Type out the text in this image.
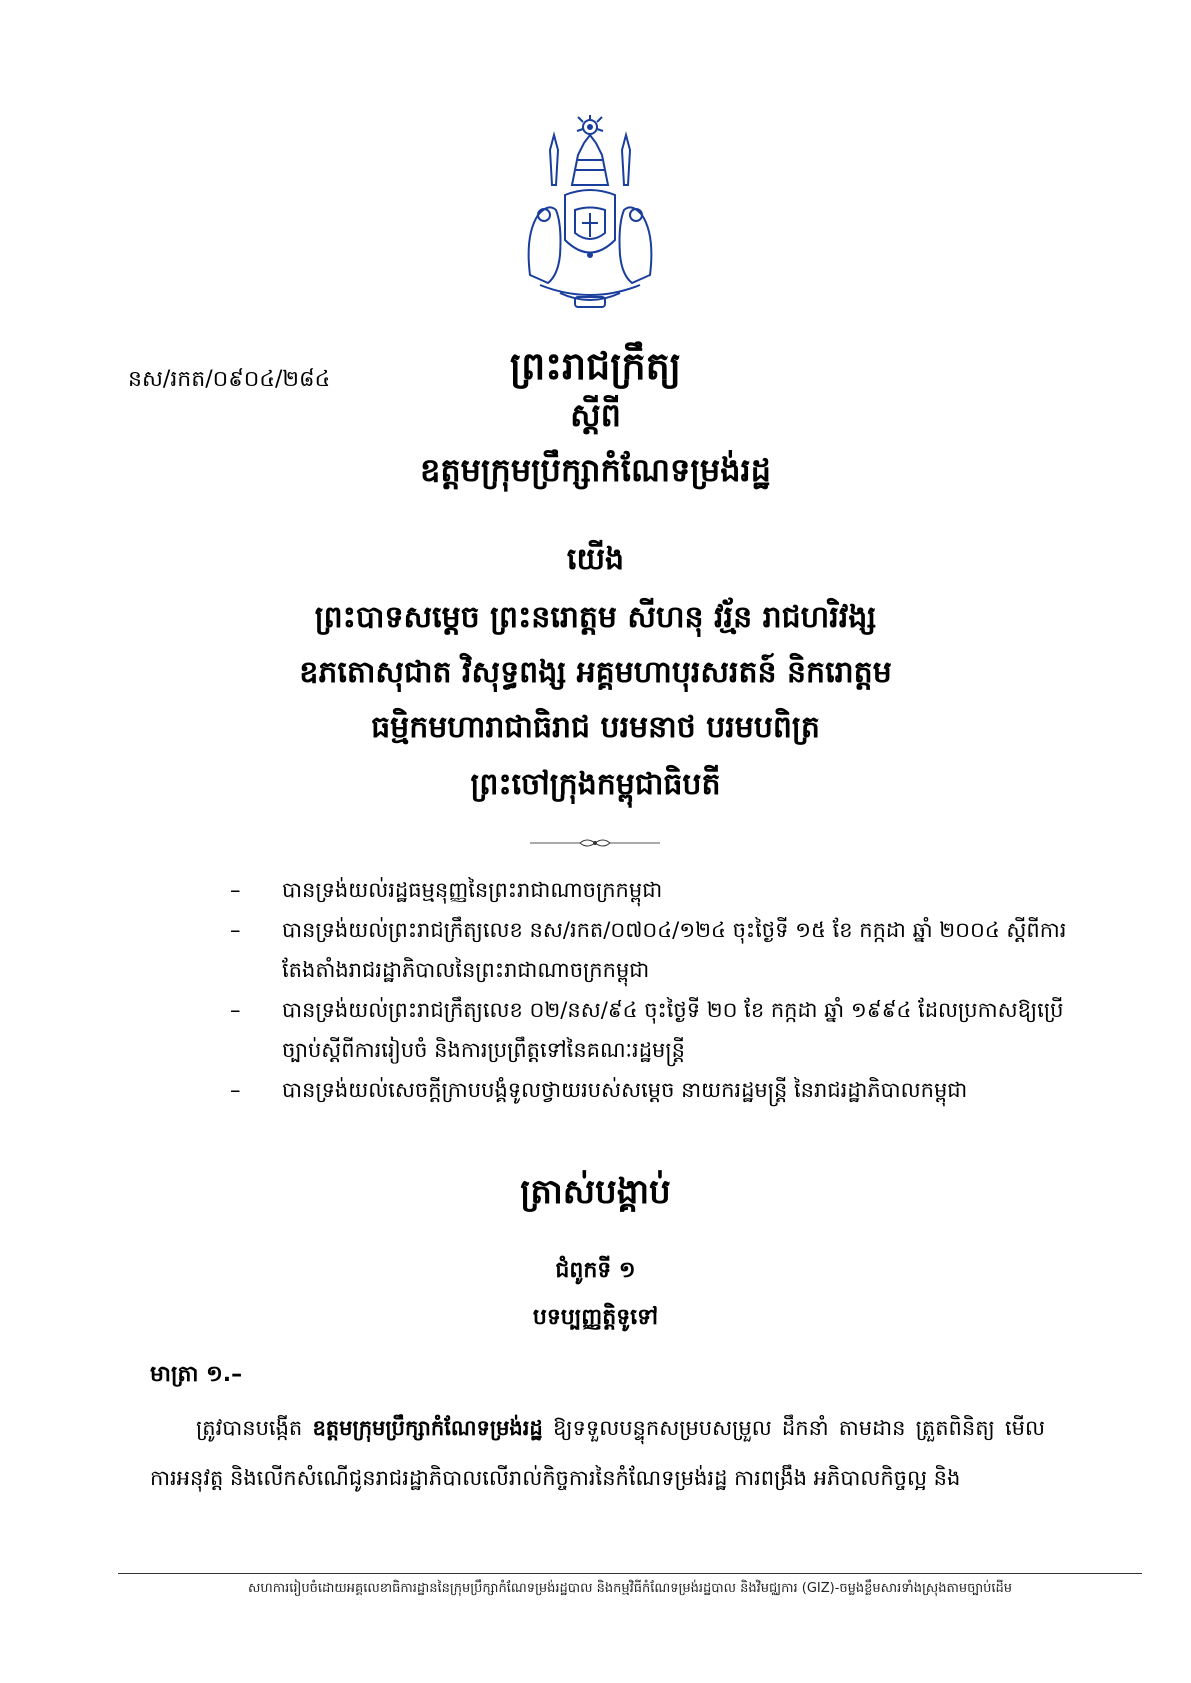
នស/រកត/០៩០៤/២៨៤	ព្រះរាជក្រឹត្យ
ស្ដីពី
ឧត្តមក្រុមប្រឹក្សាកំណែទម្រង់រដ្ឋ
យើង
ព្រះបាទសម្ដេច ព្រះនរោត្ដម សីហនុ វរ្ម័ន រាជហរិវង្ស
ឧភតោសុជាត វិសុទ្ធពង្ស អគ្គមហាបុរសរតន៍ និករោត្ដម
ធម្មិកមហារាជាធិរាជ បរមនាថ បរមបពិត្រ
ព្រះចៅក្រុងកម្ពុជាធិបតី
– បានទ្រង់យល់រដ្ឋធម្មនុញ្ញនៃព្រះរាជាណាចក្រកម្ពុជា
– បានទ្រង់យល់ព្រះរាជក្រឹត្យលេខ នស/រកត/០៧០៤/១២៤ ចុះថ្ងៃទី ១៥ ខែ កក្កដា ឆ្នាំ ២០០៤ ស្ដីពីការតែងតាំងរាជរដ្ឋាភិបាលនៃព្រះរាជាណាចក្រកម្ពុជា
– បានទ្រង់យល់ព្រះរាជក្រឹត្យលេខ ០២/នស/៩៤ ចុះថ្ងៃទី ២០ ខែ កក្កដា ឆ្នាំ ១៩៩៤ ដែលប្រកាសឱ្យប្រើច្បាប់ស្ដីពីការរៀបចំ និងការប្រព្រឹត្តទៅនៃគណៈរដ្ឋមន្ត្រី
– បានទ្រង់យល់សេចក្ដីក្រាបបង្គំទូលថ្វាយរបស់សម្ដេច នាយករដ្ឋមន្ត្រី នៃរាជរដ្ឋាភិបាលកម្ពុជា
ត្រាស់បង្គាប់
ជំពូកទី ១
បទប្បញ្ញត្តិទូទៅ
មាត្រា ១.–
ត្រូវបានបង្កើត ឧត្តមក្រុមប្រឹក្សាកំណែទម្រង់រដ្ឋ ឱ្យទទួលបន្ទុកសម្របសម្រួល ដឹកនាំ តាមដាន ត្រួតពិនិត្យ មើលការអនុវត្ត និងលើកសំណើជូនរាជរដ្ឋាភិបាលលើរាល់កិច្ចការនៃកំណែទម្រង់រដ្ឋ ការពង្រឹង អភិបាលកិច្ចល្អ និង
សហការរៀបចំដោយអគ្គលេខាធិការដ្ឋាននៃក្រុមប្រឹក្សាកំណែទម្រង់រដ្ឋបាល និងកម្មវិធីកំណែទម្រង់រដ្ឋបាល និងវិមជ្ឈការ (GIZ)-ចម្លងខ្លឹមសារទាំងស្រុងតាមច្បាប់ដើម
